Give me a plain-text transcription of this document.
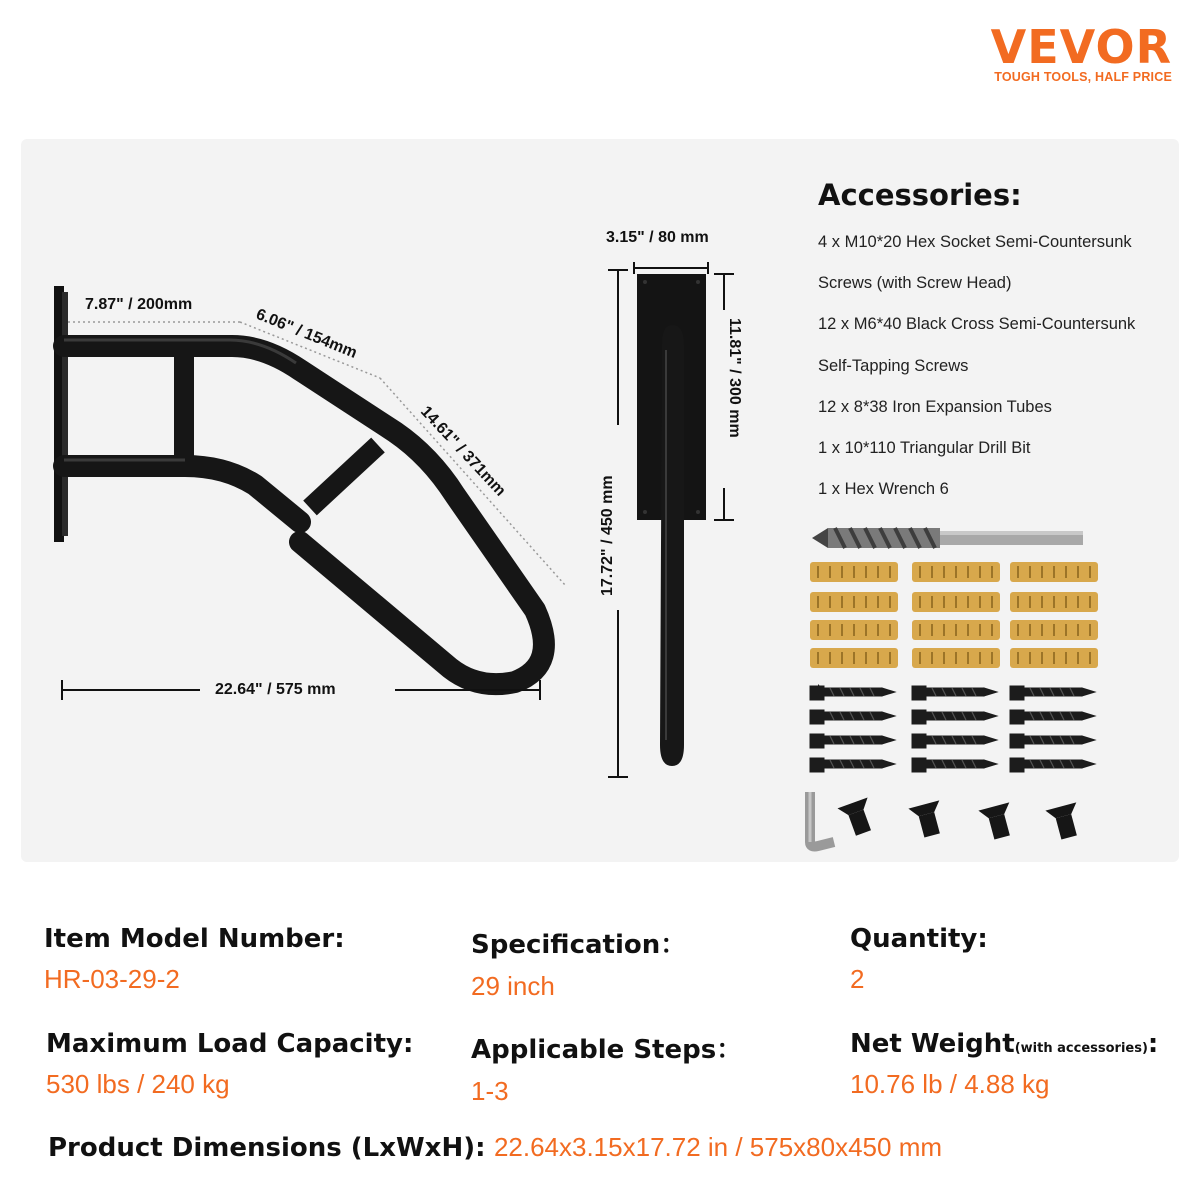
VEVOR
TOUGH TOOLS, HALF PRICE
7.87" / 200mm
6.06" / 154mm
14.61" / 371mm
22.64" / 575 mm
3.15" / 80 mm
17.72" / 450 mm
11.81" / 300 mm
Accessories:
4 x M10*20 Hex Socket Semi-Countersunk
Screws (with Screw Head)
12 x M6*40 Black Cross Semi-Countersunk
Self-Tapping Screws
12 x 8*38 Iron Expansion Tubes
1 x 10*110 Triangular Drill Bit
1 x Hex Wrench 6
Item Model Number:
HR-03-29-2
Specification：
29 inch
Quantity:
2
Maximum Load Capacity:
530 lbs / 240 kg
Applicable Steps：
1-3
Net Weight(with accessories):
10.76 lb / 4.88 kg
Product Dimensions (LxWxH): 22.64x3.15x17.72 in / 575x80x450 mm
